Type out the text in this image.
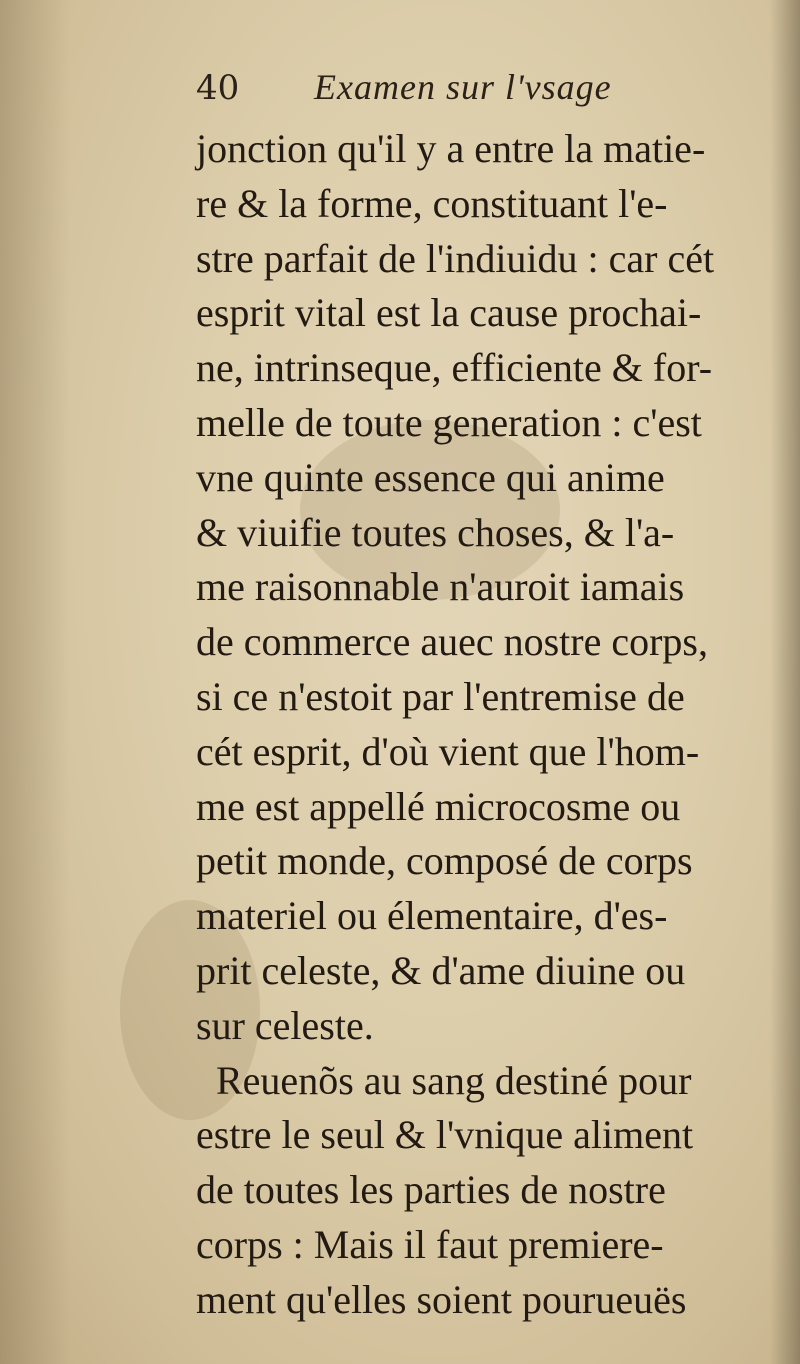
40 Examen sur l'vsage
jonction qu'il y a entre la matie-
re & la forme, constituant l'e-
stre parfait de l'indiuidu : car cét
esprit vital est la cause prochai-
ne, intrinseque, efficiente & for-
melle de toute generation : c'est
vne quinte essence qui anime
& viuifie toutes choses, & l'a-
me raisonnable n'auroit iamais
de commerce auec nostre corps,
si ce n'estoit par l'entremise de
cét esprit, d'où vient que l'hom-
me est appellé microcosme ou
petit monde, composé de corps
materiel ou élementaire, d'es-
prit celeste, & d'ame diuine ou
sur celeste.
Reuenõs au sang destiné pour
estre le seul & l'vnique aliment
de toutes les parties de nostre
corps : Mais il faut premiere-
ment qu'elles soient pourueuës
